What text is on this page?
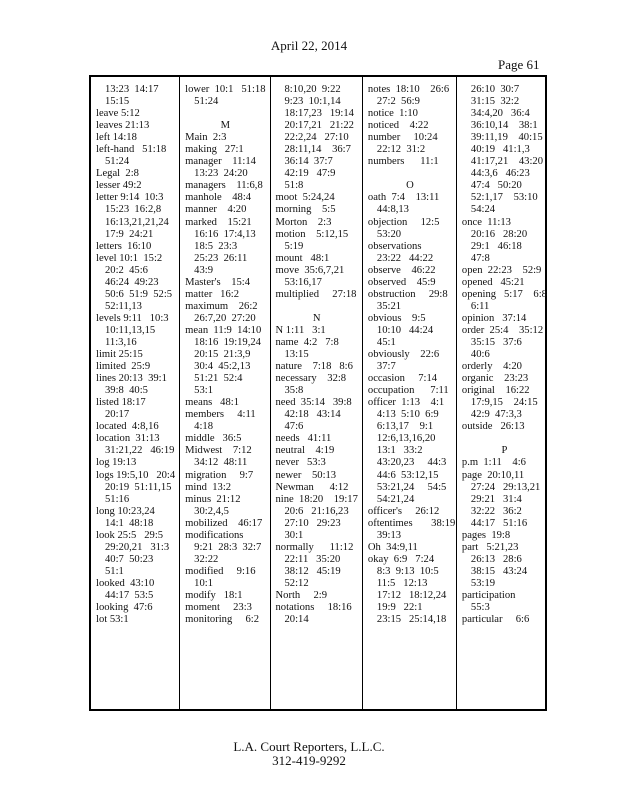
April 22, 2014
Page 61
13:23  14:17
15:15
leave 5:12
leaves 21:13
left 14:18
left-hand   51:18
51:24
Legal  2:8
lesser 49:2
letter 9:14  10:3
15:23  16:2,8
16:13,21,21,24
17:9  24:21
letters  16:10
level 10:1  15:2
20:2  45:6
46:24  49:23
50:6  51:9  52:5
52:11,13
levels 9:11   10:3
10:11,13,15
11:3,16
limit 25:15
limited  25:9
lines 20:13  39:1
39:8  40:5
listed 18:17
20:17
located  4:8,16
location  31:13
31:21,22   46:19
log 19:13
logs 19:5,10   20:4
20:19  51:11,15
51:16
long 10:23,24
14:1  48:18
look 25:5   29:5
29:20,21   31:3
40:7  50:23
51:1
looked  43:10
44:17  53:5
looking  47:6
lot 53:1
lower  10:1   51:18
51:24
M
Main  2:3
making   27:1
manager    11:14
13:23  24:20
managers    11:6,8
manhole    48:4
manner    4:20
marked    15:21
16:16  17:4,13
18:5  23:3
25:23  26:11
43:9
Master's    15:4
matter   16:2
maximum    26:2
26:7,20  27:20
mean  11:9  14:10
18:16  19:19,24
20:15  21:3,9
30:4  45:2,13
51:21  52:4
53:1
means   48:1
members     4:11
4:18
middle   36:5
Midwest    7:12
34:12  48:11
migration     9:7
mind  13:2
minus  21:12
30:2,4,5
mobilized    46:17
modifications
9:21  28:3  32:7
32:22
modified     9:16
10:1
modify   18:1
moment     23:3
monitoring     6:2
8:10,20  9:22
9:23  10:1,14
18:17,23   19:14
20:17,21   21:22
22:2,24   27:10
28:11,14    36:7
36:14  37:7
42:19   47:9
51:8
moot  5:24,24
morning    5:5
Morton    2:3
motion    5:12,15
5:19
mount   48:1
move  35:6,7,21
53:16,17
multiplied     27:18
N
N 1:11   3:1
name  4:2   7:8
13:15
nature    7:18   8:6
necessary    32:8
35:8
need  35:14   39:8
42:18   43:14
47:6
needs   41:11
neutral    4:19
never   53:3
newer    50:13
Newman      4:12
nine  18:20    19:17
20:6   21:16,23
27:10   29:23
30:1
normally      11:12
22:11   35:20
38:12   45:19
52:12
North     2:9
notations     18:16
20:14
notes  18:10    26:6
27:2  56:9
notice  1:10
noticed    4:22
number     10:24
22:12  31:2
numbers      11:1
O
oath  7:4    13:11
44:8,13
objection     12:5
53:20
observations
23:22   44:22
observe    46:22
observed    45:9
obstruction     29:8
35:21
obvious    9:5
10:10   44:24
45:1
obviously    22:6
37:7
occasion     7:14
occupation      7:11
officer  1:13    4:1
4:13  5:10  6:9
6:13,17    9:1
12:6,13,16,20
13:1   33:2
43:20,23     44:3
44:6  53:12,15
53:21,24     54:5
54:21,24
officer's     26:12
oftentimes       38:19
39:13
Oh  34:9,11
okay  6:9   7:24
8:3  9:13  10:5
11:5   12:13
17:12   18:12,24
19:9   22:1
23:15   25:14,18
26:10  30:7
31:15  32:2
34:4,20   36:4
36:10,14    38:1
39:11,19    40:15
40:19   41:1,3
41:17,21    43:20
44:3,6   46:23
47:4   50:20
52:1,17    53:10
54:24
once  11:13
20:16   28:20
29:1   46:18
47:8
open  22:23    52:9
opened   45:21
opening   5:17    6:8
6:11
opinion   37:14
order  25:4    35:12
35:15   37:6
40:6
orderly    4:20
organic    23:23
original    16:22
17:9,15    24:15
42:9  47:3,3
outside   26:13
P
p.m  1:11    4:6
page  20:10,11
27:24   29:13,21
29:21   31:4
32:22   36:2
44:17   51:16
pages  19:8
part   5:21,23
26:13   28:6
38:15   43:24
53:19
participation
55:3
particular     6:6
L.A. Court Reporters, L.L.C.
312-419-9292
